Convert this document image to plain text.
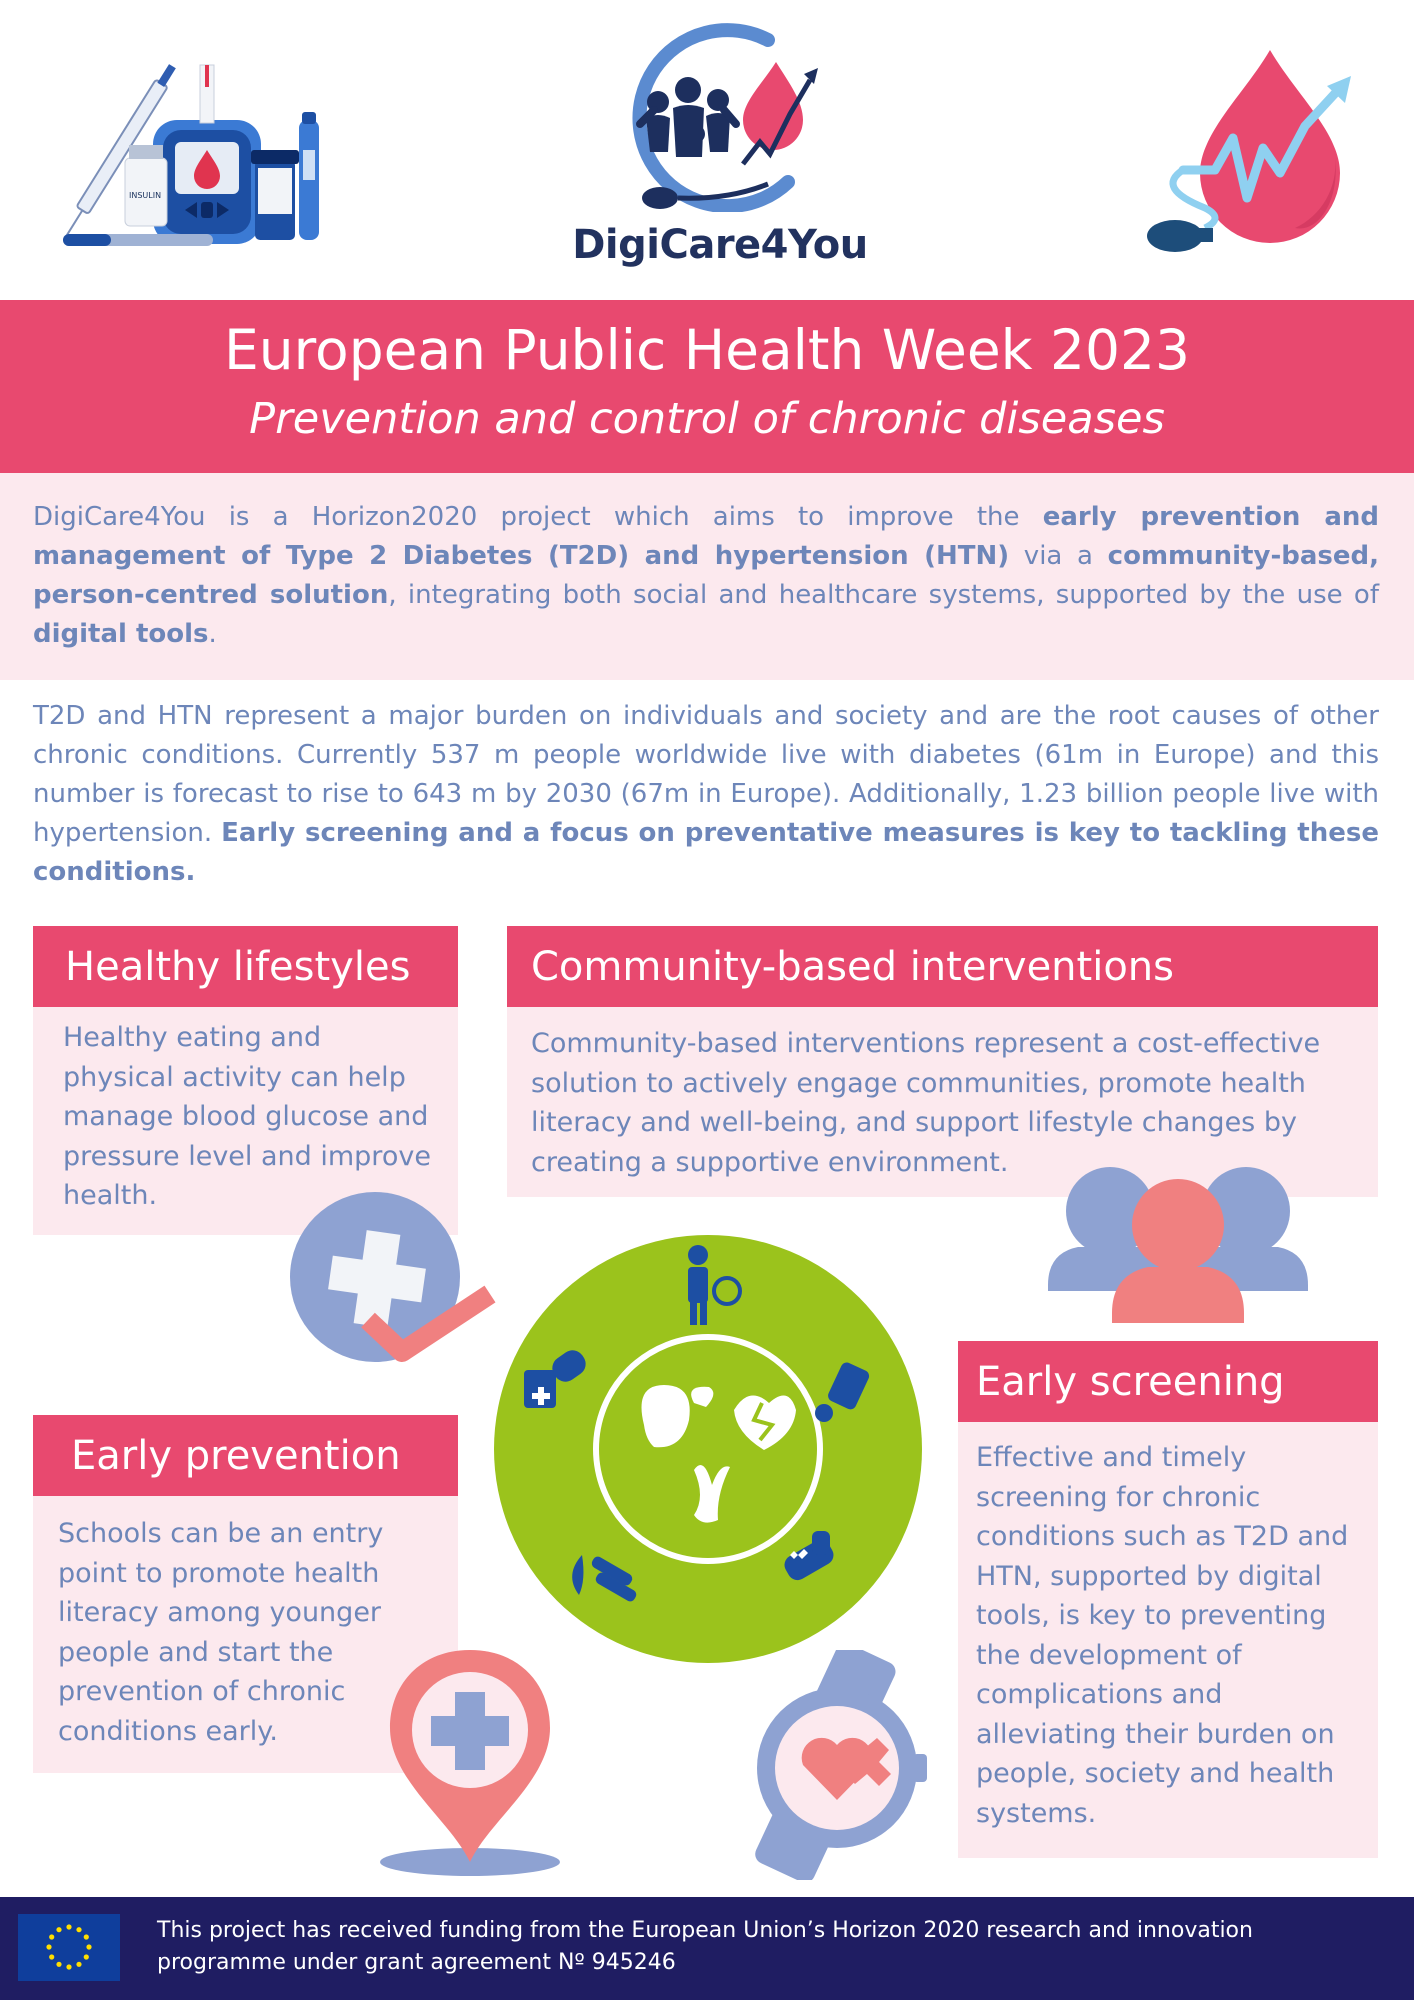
INSULIN
DigiCare4You
European Public Health Week 2023
Prevention and control of chronic diseases
DigiCare4You is a Horizon2020 project which aims to improve the early prevention and management of Type 2 Diabetes (T2D) and hypertension (HTN) via a community-based, person-centred solution, integrating both social and healthcare systems, supported by the use of digital tools.
T2D and HTN represent a major burden on individuals and society and are the root causes of other chronic conditions. Currently 537 m people worldwide live with diabetes (61m in Europe) and this number is forecast to rise to 643 m by 2030 (67m in Europe). Additionally, 1.23 billion people live with hypertension. Early screening and a focus on preventative measures is key to tackling these conditions.
Healthy lifestyles
Healthy eating and physical activity can help manage blood glucose and pressure level and improve health.
Community-based interventions
Community-based interventions represent a cost-effective solution to actively engage communities, promote health literacy and well-being, and support lifestyle changes by creating a supportive environment.
Early prevention
Schools can be an entry point to promote health literacy among younger people and start the prevention of chronic conditions early.
Early screening
Effective and timely screening for chronic conditions such as T2D and HTN, supported by digital tools, is key to preventing the development of complications and alleviating their burden on people, society and health systems.
This project has received funding from the European Union’s Horizon 2020 research and innovation programme under grant agreement Nº 945246
